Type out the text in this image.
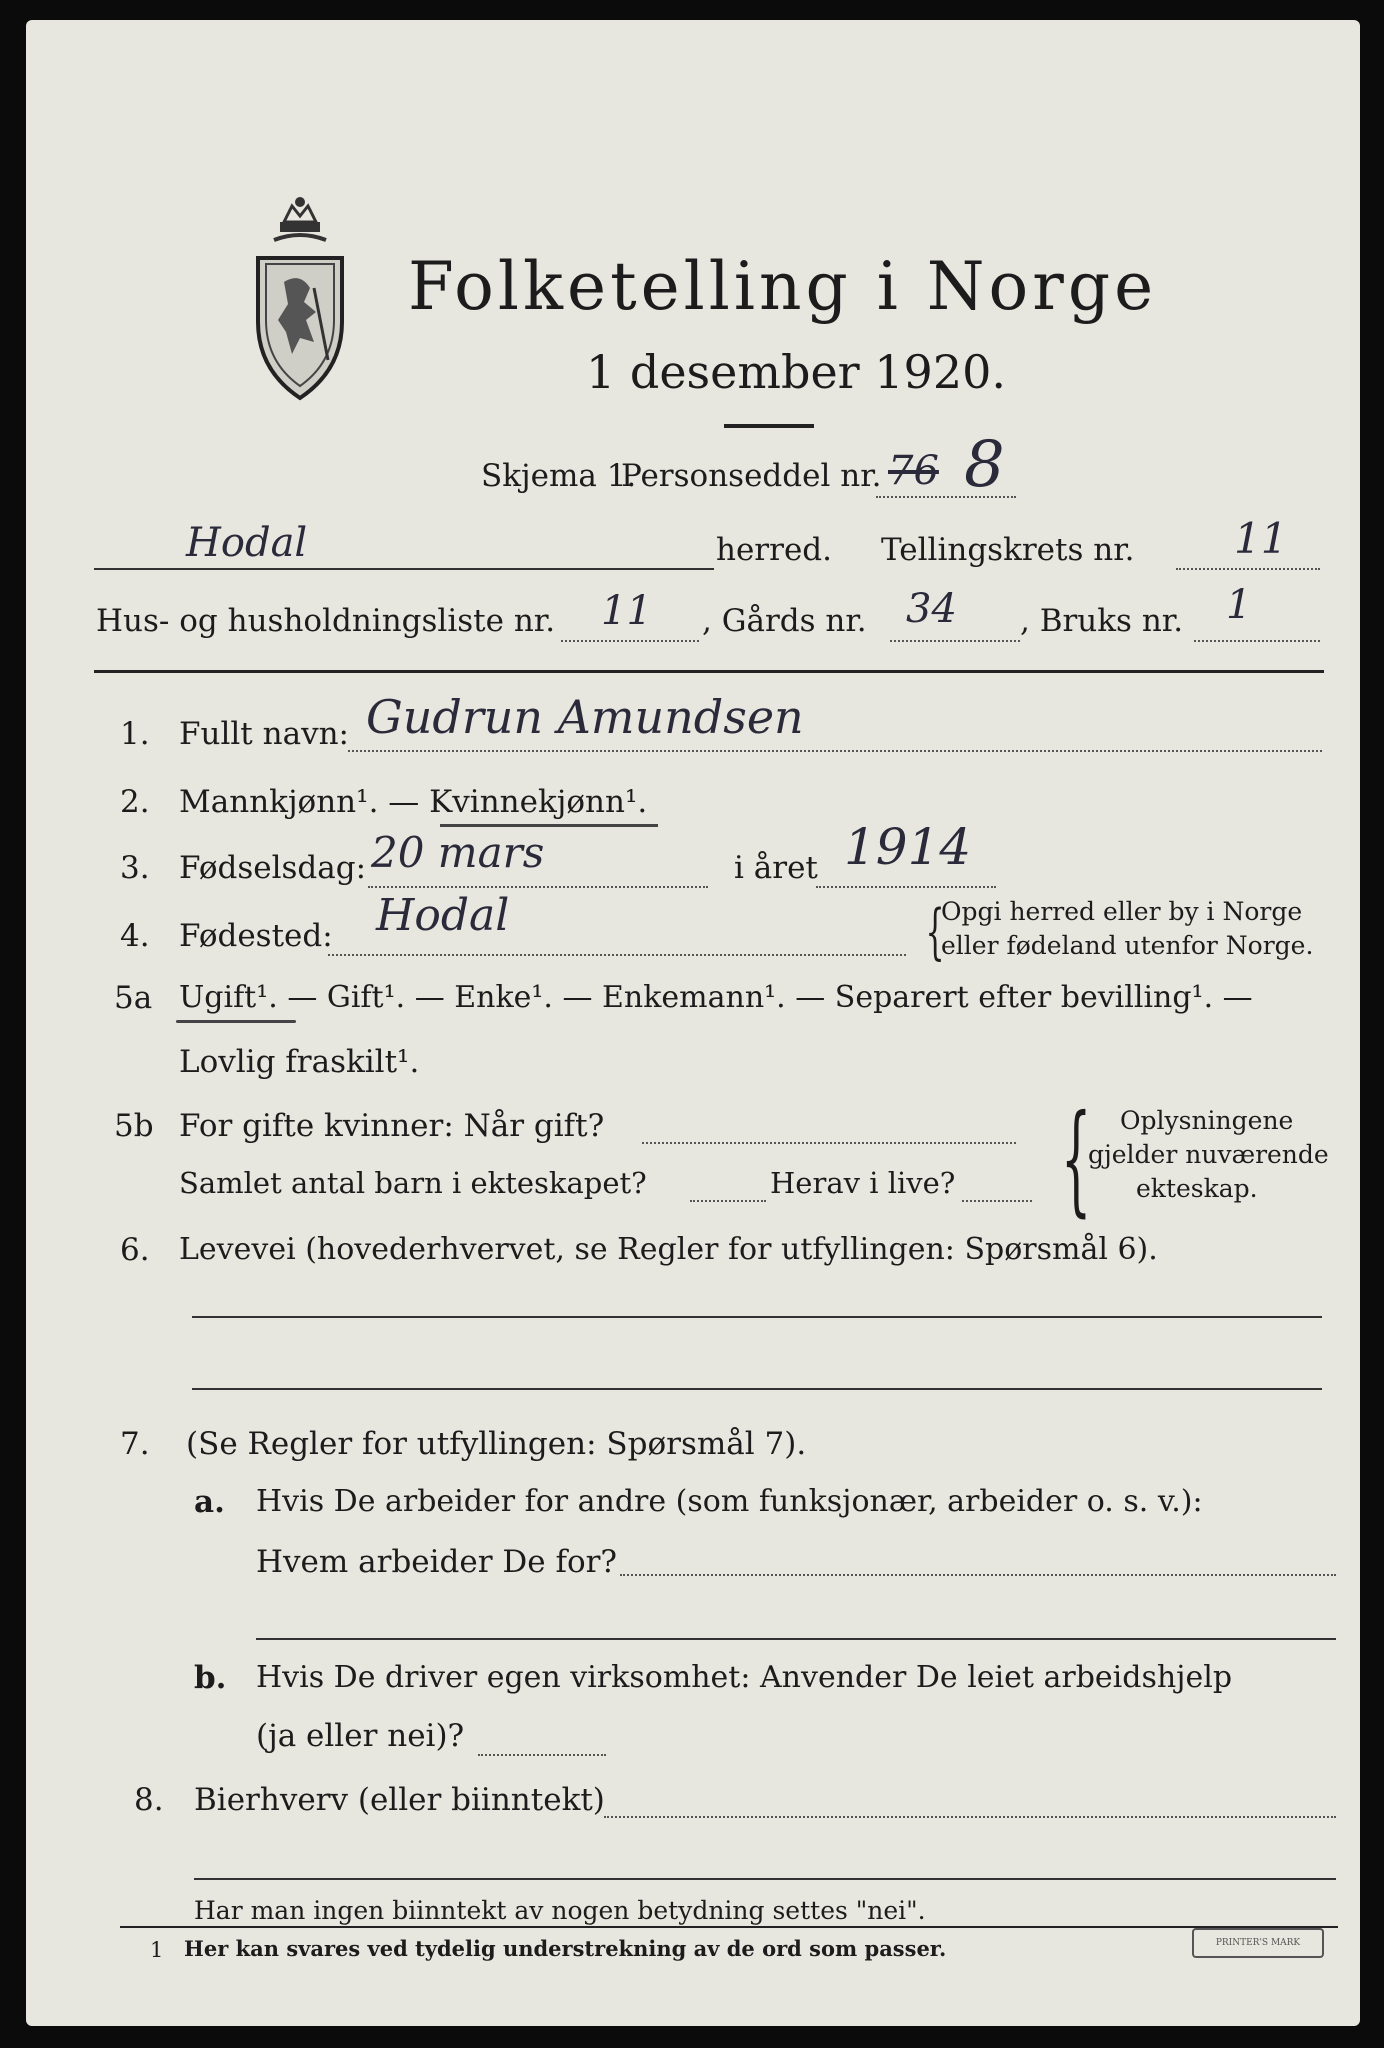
Folketelling i Norge
1 desember 1920.
Skjema 1.
Personseddel nr. 76 8
Hodal	herred. Tellingskrets nr. 11
Hus- og husholdningsliste nr. 11 , Gårds nr. 34 , Bruks nr. 1
1. Fullt navn: Gudrun Amundsen
2. Mannkjønn¹. — Kvinnekjønn¹.
3. Fødselsdag: 20 mars	i året 1914
4. Fødested: Hodal	{
Opgi herred eller by i Norge
eller fødeland utenfor Norge.
5a Ugift¹. — Gift¹. — Enke¹. — Enkemann¹. — Separert efter bevilling¹. —
Lovlig fraskilt¹.
5b For gifte kvinner: Når gift?
Samlet antal barn i ekteskapet?	Herav i live? { Oplysningene
gjelder nuværende
ekteskap.
6. Levevei (hovederhvervet, se Regler for utfyllingen: Spørsmål 6).
7. (Se Regler for utfyllingen: Spørsmål 7).
a. Hvis De arbeider for andre (som funksjonær, arbeider o. s. v.):
Hvem arbeider De for?
b. Hvis De driver egen virksomhet: Anvender De leiet arbeidshjelp
(ja eller nei)?
8. Bierhverv (eller biinntekt)
Har man ingen biinntekt av nogen betydning settes "nei".
1 Her kan svares ved tydelig understrekning av de ord som passer.	PRINTER'S MARK
